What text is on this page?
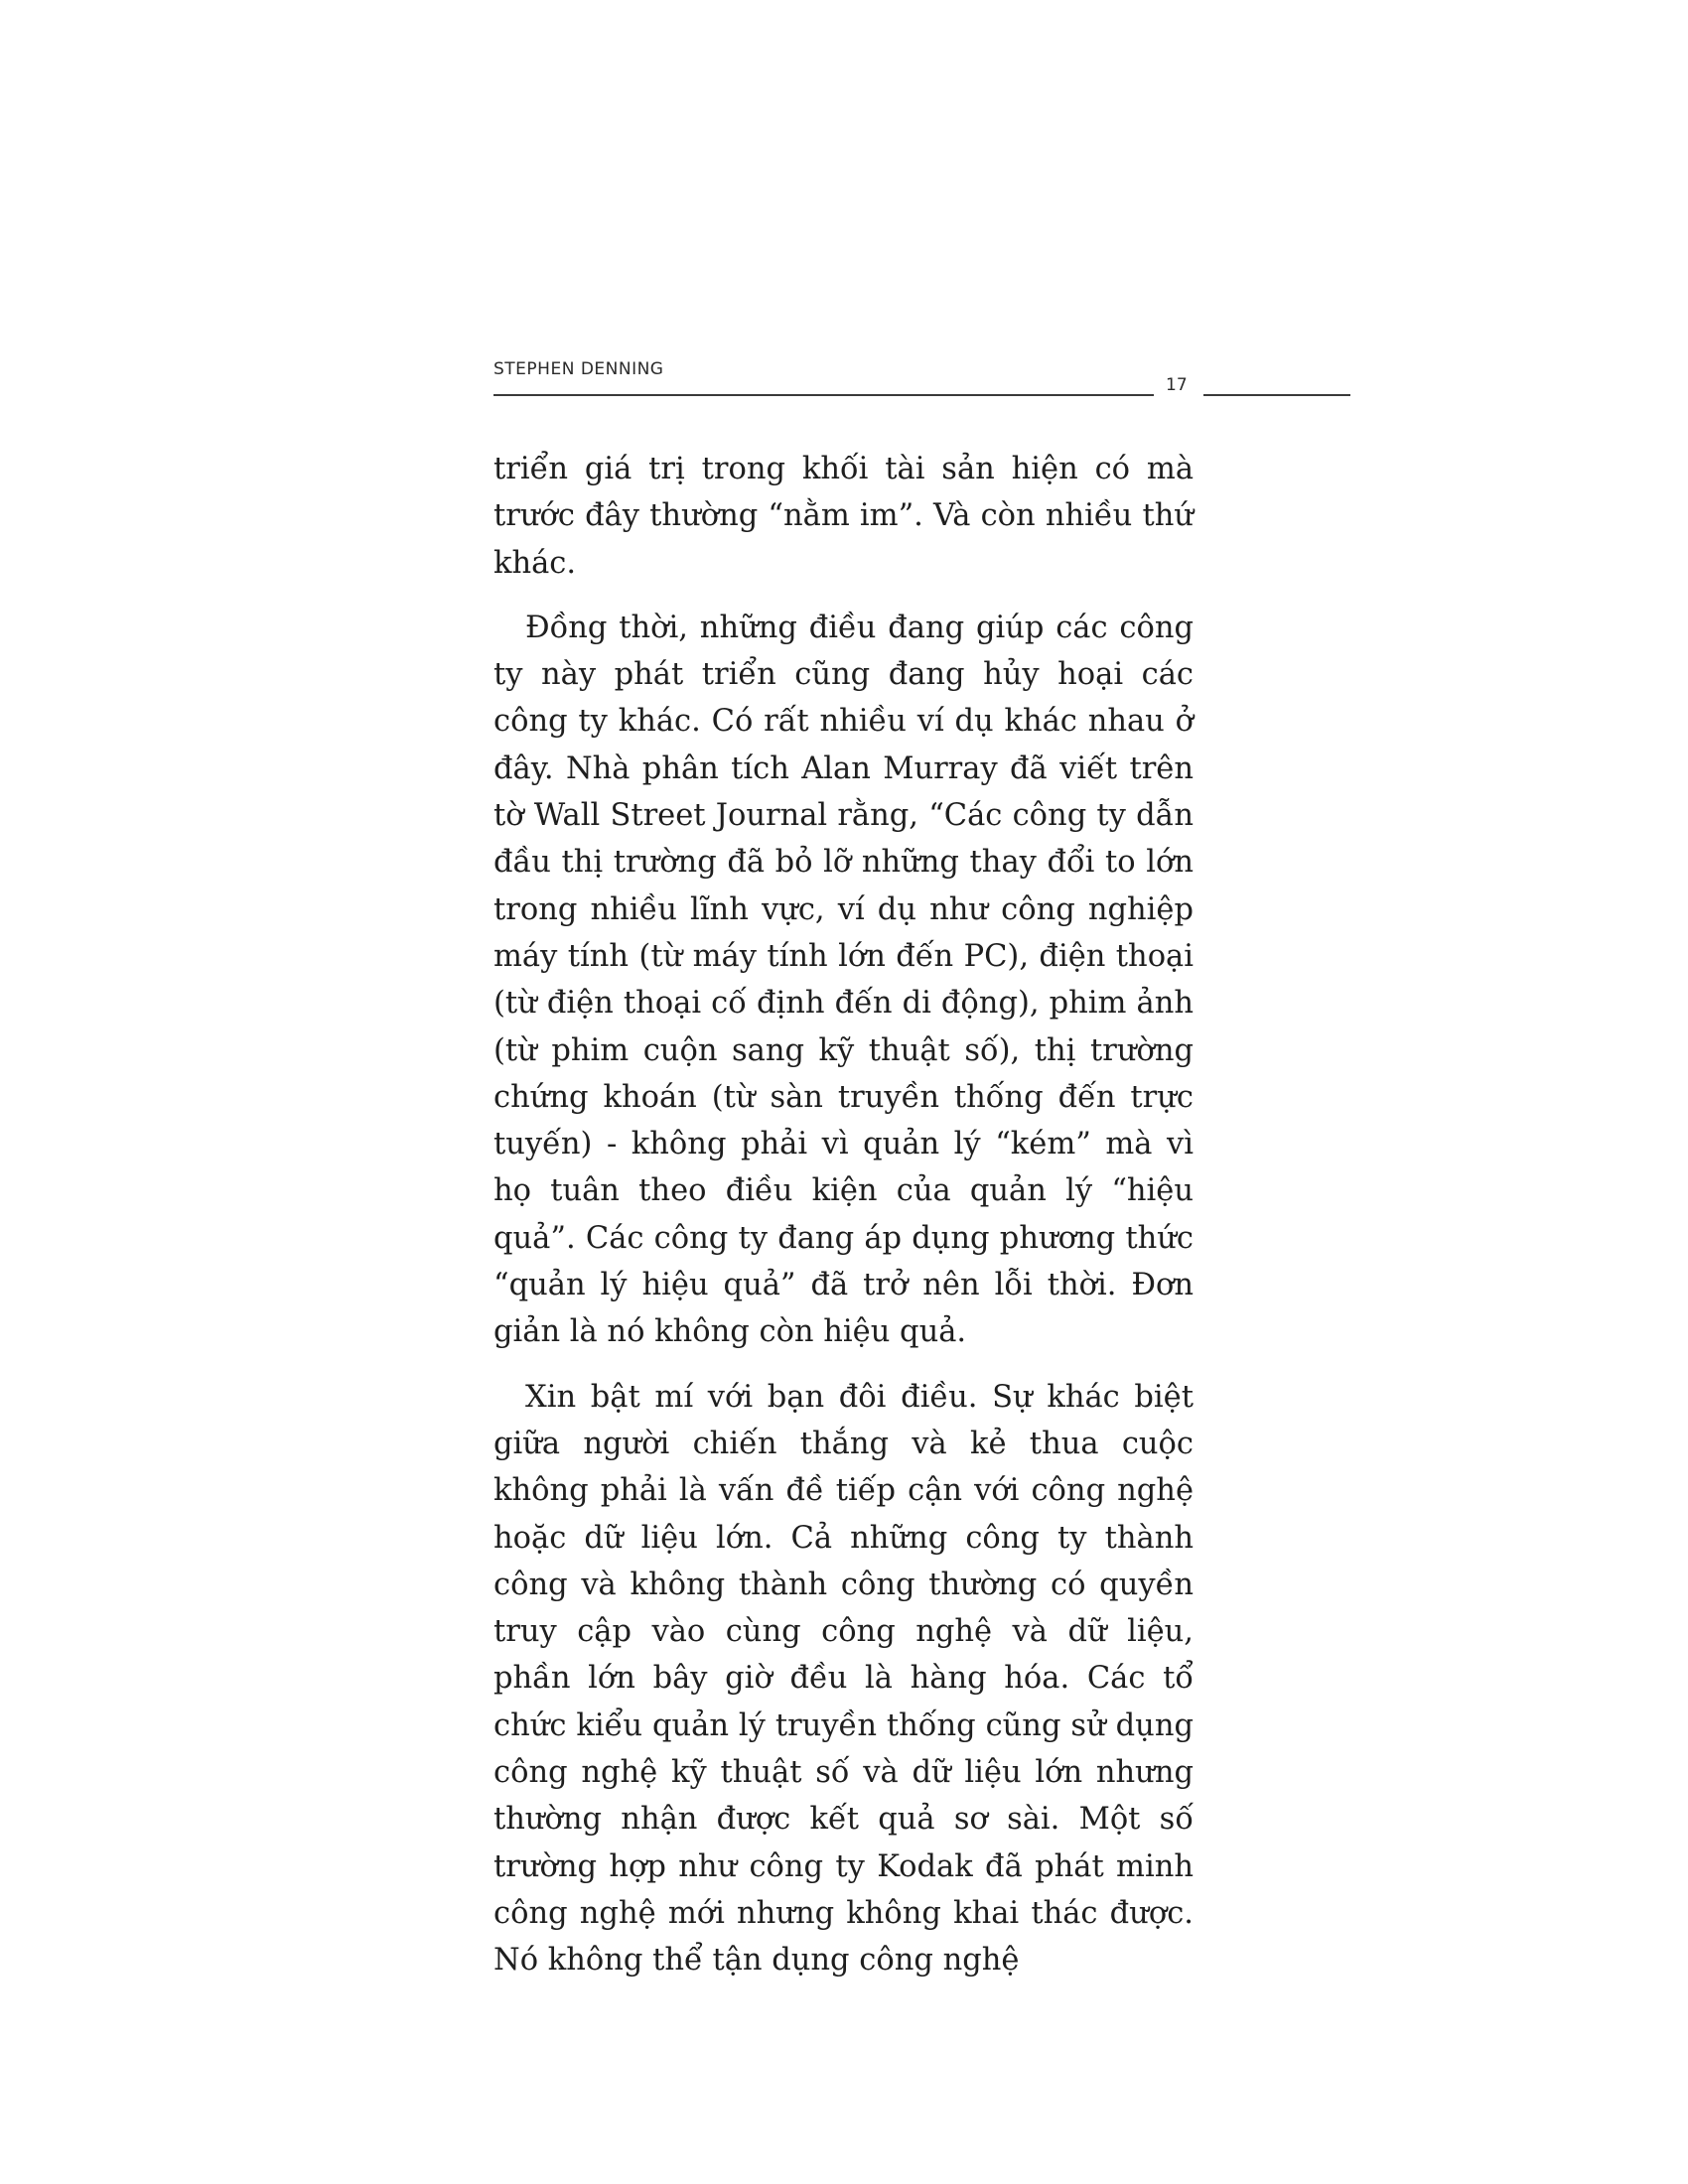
STEPHEN DENNING
17

triển giá trị trong khối tài sản hiện có mà trước đây thường “nằm im”. Và còn nhiều thứ khác.

Đồng thời, những điều đang giúp các công ty này phát triển cũng đang hủy hoại các công ty khác. Có rất nhiều ví dụ khác nhau ở đây. Nhà phân tích Alan Murray đã viết trên tờ Wall Street Journal rằng, “Các công ty dẫn đầu thị trường đã bỏ lỡ những thay đổi to lớn trong nhiều lĩnh vực, ví dụ như công nghiệp máy tính (từ máy tính lớn đến PC), điện thoại (từ điện thoại cố định đến di động), phim ảnh (từ phim cuộn sang kỹ thuật số), thị trường chứng khoán (từ sàn truyền thống đến trực tuyến) - không phải vì quản lý “kém” mà vì họ tuân theo điều kiện của quản lý “hiệu quả”. Các công ty đang áp dụng phương thức “quản lý hiệu quả” đã trở nên lỗi thời. Đơn giản là nó không còn hiệu quả.

Xin bật mí với bạn đôi điều. Sự khác biệt giữa người chiến thắng và kẻ thua cuộc không phải là vấn đề tiếp cận với công nghệ hoặc dữ liệu lớn. Cả những công ty thành công và không thành công thường có quyền truy cập vào cùng công nghệ và dữ liệu, phần lớn bây giờ đều là hàng hóa. Các tổ chức kiểu quản lý truyền thống cũng sử dụng công nghệ kỹ thuật số và dữ liệu lớn nhưng thường nhận được kết quả sơ sài. Một số trường hợp như công ty Kodak đã phát minh công nghệ mới nhưng không khai thác được. Nó không thể tận dụng công nghệ
